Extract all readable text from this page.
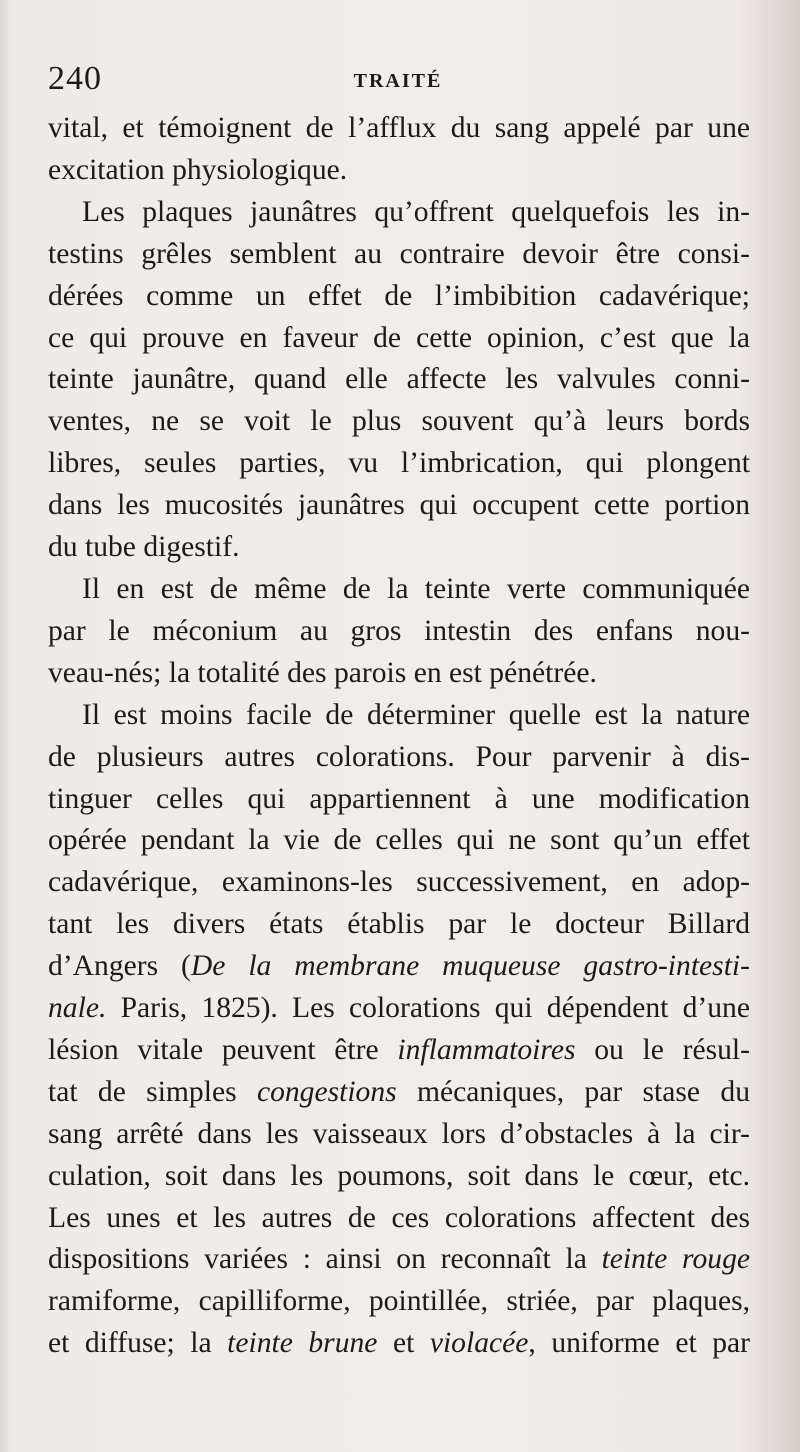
240	TRAITÉ

vital, et témoignent de l’afflux du sang appelé par une
excitation physiologique.

Les plaques jaunâtres qu’offrent quelquefois les in-
testins grêles semblent au contraire devoir être consi-
dérées comme un effet de l’imbibition cadavérique;
ce qui prouve en faveur de cette opinion, c’est que la
teinte jaunâtre, quand elle affecte les valvules conni-
ventes, ne se voit le plus souvent qu’à leurs bords
libres, seules parties, vu l’imbrication, qui plongent
dans les mucosités jaunâtres qui occupent cette portion
du tube digestif.

Il en est de même de la teinte verte communiquée
par le méconium au gros intestin des enfans nou-
veau-nés; la totalité des parois en est pénétrée.

Il est moins facile de déterminer quelle est la nature
de plusieurs autres colorations. Pour parvenir à dis-
tinguer celles qui appartiennent à une modification
opérée pendant la vie de celles qui ne sont qu’un effet
cadavérique, examinons-les successivement, en adop-
tant les divers états établis par le docteur Billard
d’Angers (De la membrane muqueuse gastro-intesti-
nale. Paris, 1825). Les colorations qui dépendent d’une
lésion vitale peuvent être inflammatoires ou le résul-
tat de simples congestions mécaniques, par stase du
sang arrêté dans les vaisseaux lors d’obstacles à la cir-
culation, soit dans les poumons, soit dans le cœur, etc.
Les unes et les autres de ces colorations affectent des
dispositions variées : ainsi on reconnaît la teinte rouge
ramiforme, capilliforme, pointillée, striée, par plaques,
et diffuse; la teinte brune et violacée, uniforme et par
